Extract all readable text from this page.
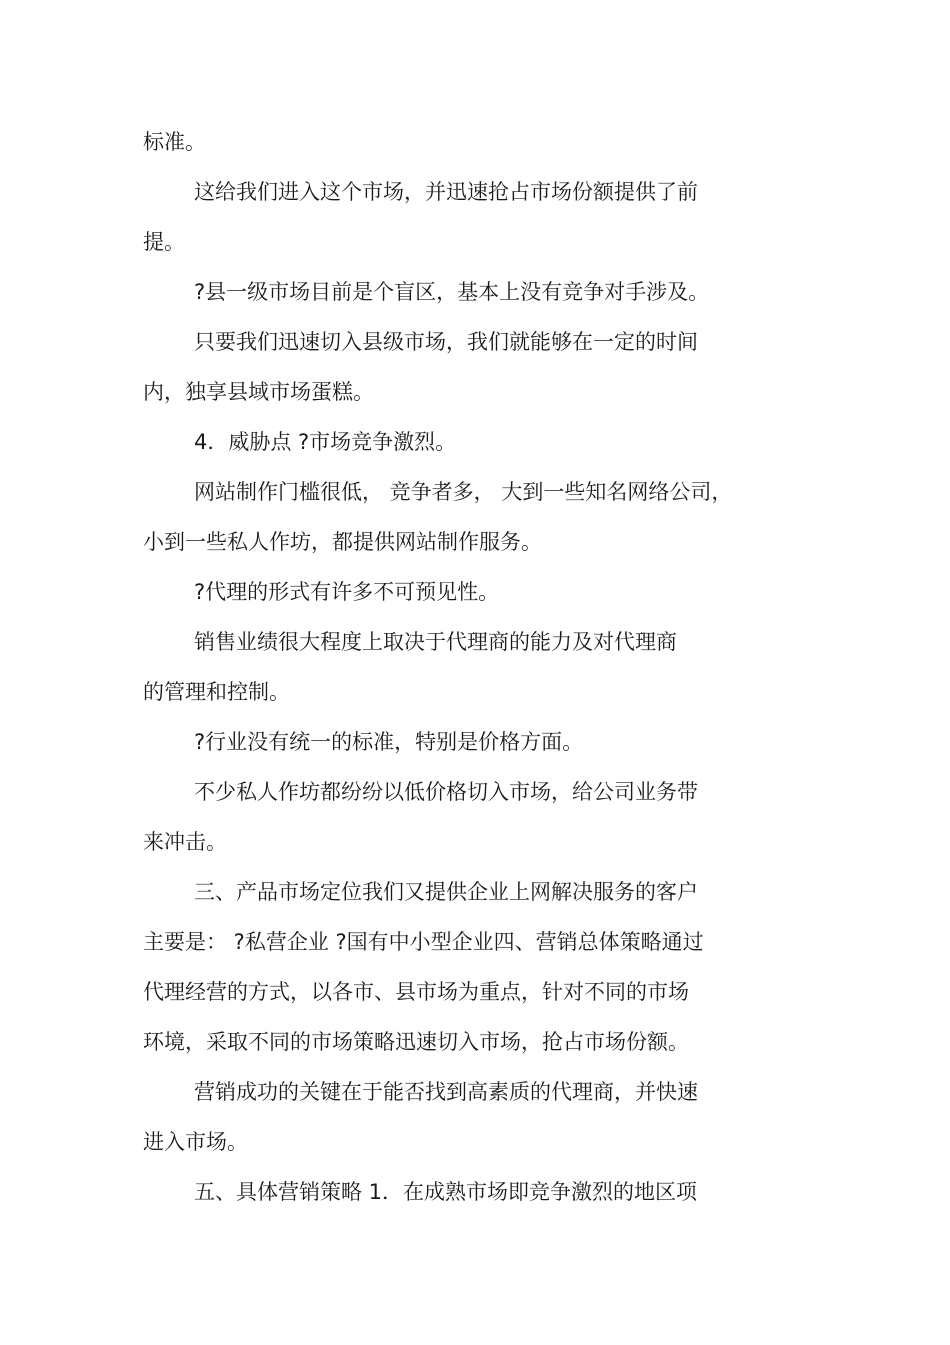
标准。

这给我们进入这个市场，并迅速抢占市场份额提供了前

提。

?县一级市场目前是个盲区，基本上没有竞争对手涉及。

只要我们迅速切入县级市场，我们就能够在一定的时间

内，独享县域市场蛋糕。

4．威胁点 ?市场竞争激烈。

网站制作门槛很低， 竞争者多， 大到一些知名网络公司，

小到一些私人作坊，都提供网站制作服务。

?代理的形式有许多不可预见性。

销售业绩很大程度上取决于代理商的能力及对代理商

的管理和控制。

?行业没有统一的标准，特别是价格方面。

不少私人作坊都纷纷以低价格切入市场，给公司业务带

来冲击。

三、产品市场定位我们又提供企业上网解决服务的客户

主要是： ?私营企业 ?国有中小型企业四、营销总体策略通过

代理经营的方式，以各市、县市场为重点，针对不同的市场

环境，采取不同的市场策略迅速切入市场，抢占市场份额。

营销成功的关键在于能否找到高素质的代理商，并快速

进入市场。

五、具体营销策略 1．在成熟市场即竞争激烈的地区项
